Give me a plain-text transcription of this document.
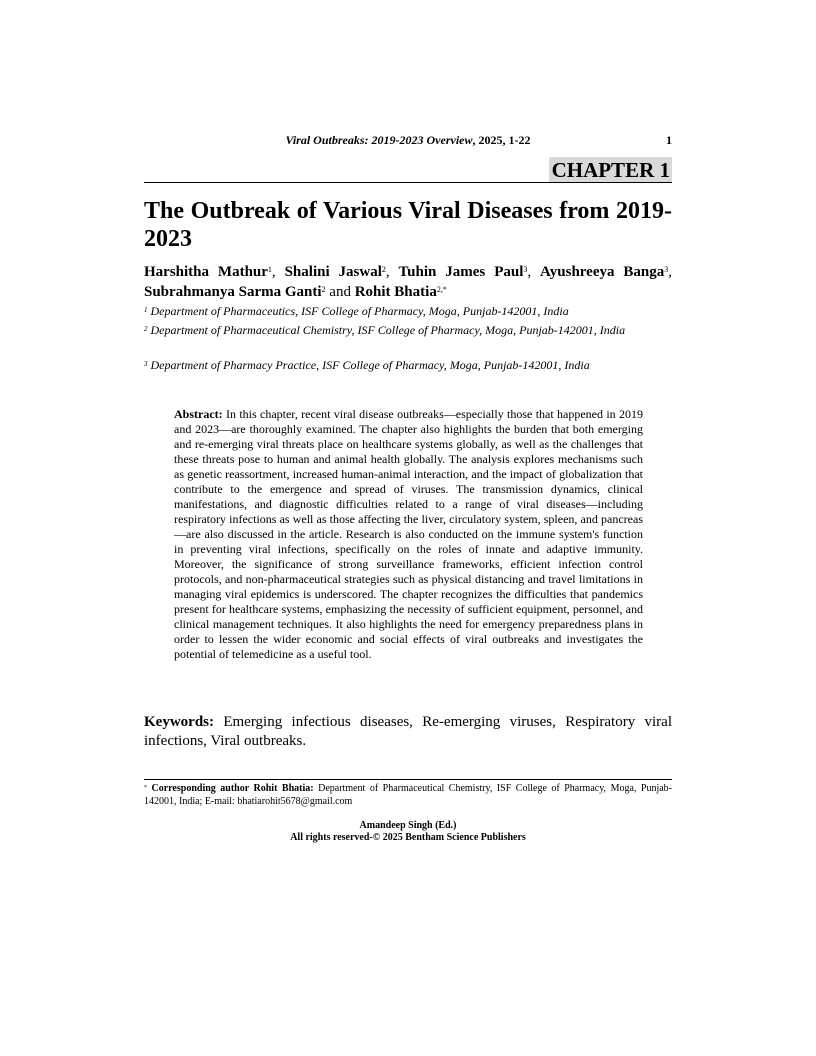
Viral Outbreaks: 2019-2023 Overview, 2025, 1-22	1
CHAPTER 1
The Outbreak of Various Viral Diseases from 2019-2023
Harshitha Mathur$^1$, Shalini Jaswal$^2$, Tuhin James Paul$^3$, Ayushreeya Banga$^3$, Subrahmanya Sarma Ganti$^2$ and Rohit Bhatia$^{2,*}$
$^1$ Department of Pharmaceutics, ISF College of Pharmacy, Moga, Punjab-142001, India
$^2$ Department of Pharmaceutical Chemistry, ISF College of Pharmacy, Moga, Punjab-142001, India
$^3$ Department of Pharmacy Practice, ISF College of Pharmacy, Moga, Punjab-142001, India
Abstract: In this chapter, recent viral disease outbreaks—especially those that happened in 2019 and 2023—are thoroughly examined. The chapter also highlights the burden that both emerging and re-emerging viral threats place on healthcare systems globally, as well as the challenges that these threats pose to human and animal health globally. The analysis explores mechanisms such as genetic reassortment, increased human-animal interaction, and the impact of globalization that contribute to the emergence and spread of viruses. The transmission dynamics, clinical manifestations, and diagnostic difficulties related to a range of viral diseases—including respiratory infections as well as those affecting the liver, circulatory system, spleen, and pancreas—are also discussed in the article. Research is also conducted on the immune system's function in preventing viral infections, specifically on the roles of innate and adaptive immunity. Moreover, the significance of strong surveillance frameworks, efficient infection control protocols, and non-pharmaceutical strategies such as physical distancing and travel limitations in managing viral epidemics is underscored. The chapter recognizes the difficulties that pandemics present for healthcare systems, emphasizing the necessity of sufficient equipment, personnel, and clinical management techniques. It also highlights the need for emergency preparedness plans in order to lessen the wider economic and social effects of viral outbreaks and investigates the potential of telemedicine as a useful tool.
Keywords: Emerging infectious diseases, Re-emerging viruses, Respiratory viral infections, Viral outbreaks.
* Corresponding author Rohit Bhatia: Department of Pharmaceutical Chemistry, ISF College of Pharmacy, Moga, Punjab-142001, India; E-mail: bhatiarohit5678@gmail.com
Amandeep Singh (Ed.)
All rights reserved-© 2025 Bentham Science Publishers
